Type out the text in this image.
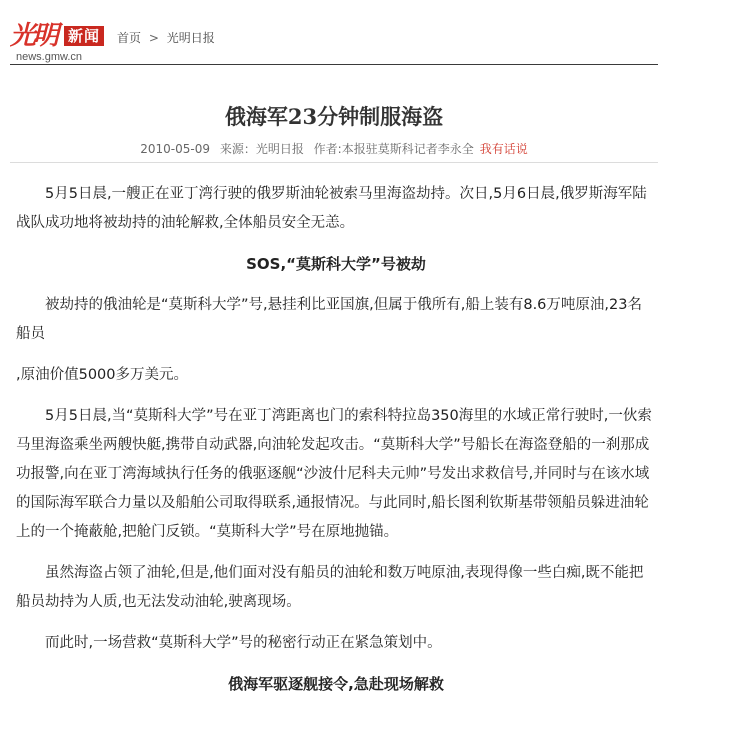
光明 新闻
news.gmw.cn
首页 > 光明日报
俄海军23分钟制服海盗
2010-05-09 来源：光明日报 作者:本报驻莫斯科记者李永全 我有话说

5月5日晨,一艘正在亚丁湾行驶的俄罗斯油轮被索马里海盗劫持。次日,5月6日晨,俄罗斯海军陆战队成功地将被劫持的油轮解救,全体船员安全无恙。

SOS,“莫斯科大学”号被劫

被劫持的俄油轮是“莫斯科大学”号,悬挂利比亚国旗,但属于俄所有,船上装有8.6万吨原油,23名船员

,原油价值5000多万美元。

5月5日晨,当“莫斯科大学”号在亚丁湾距离也门的索科特拉岛350海里的水域正常行驶时,一伙索马里海盗乘坐两艘快艇,携带自动武器,向油轮发起攻击。“莫斯科大学”号船长在海盗登船的一刹那成功报警,向在亚丁湾海域执行任务的俄驱逐舰“沙波什尼科夫元帅”号发出求救信号,并同时与在该水域的国际海军联合力量以及船舶公司取得联系,通报情况。与此同时,船长图利钦斯基带领船员躲进油轮上的一个掩蔽舱,把舱门反锁。“莫斯科大学”号在原地抛锚。

虽然海盗占领了油轮,但是,他们面对没有船员的油轮和数万吨原油,表现得像一些白痴,既不能把船员劫持为人质,也无法发动油轮,驶离现场。

而此时,一场营救“莫斯科大学”号的秘密行动正在紧急策划中。

俄海军驱逐舰接令,急赴现场解救
